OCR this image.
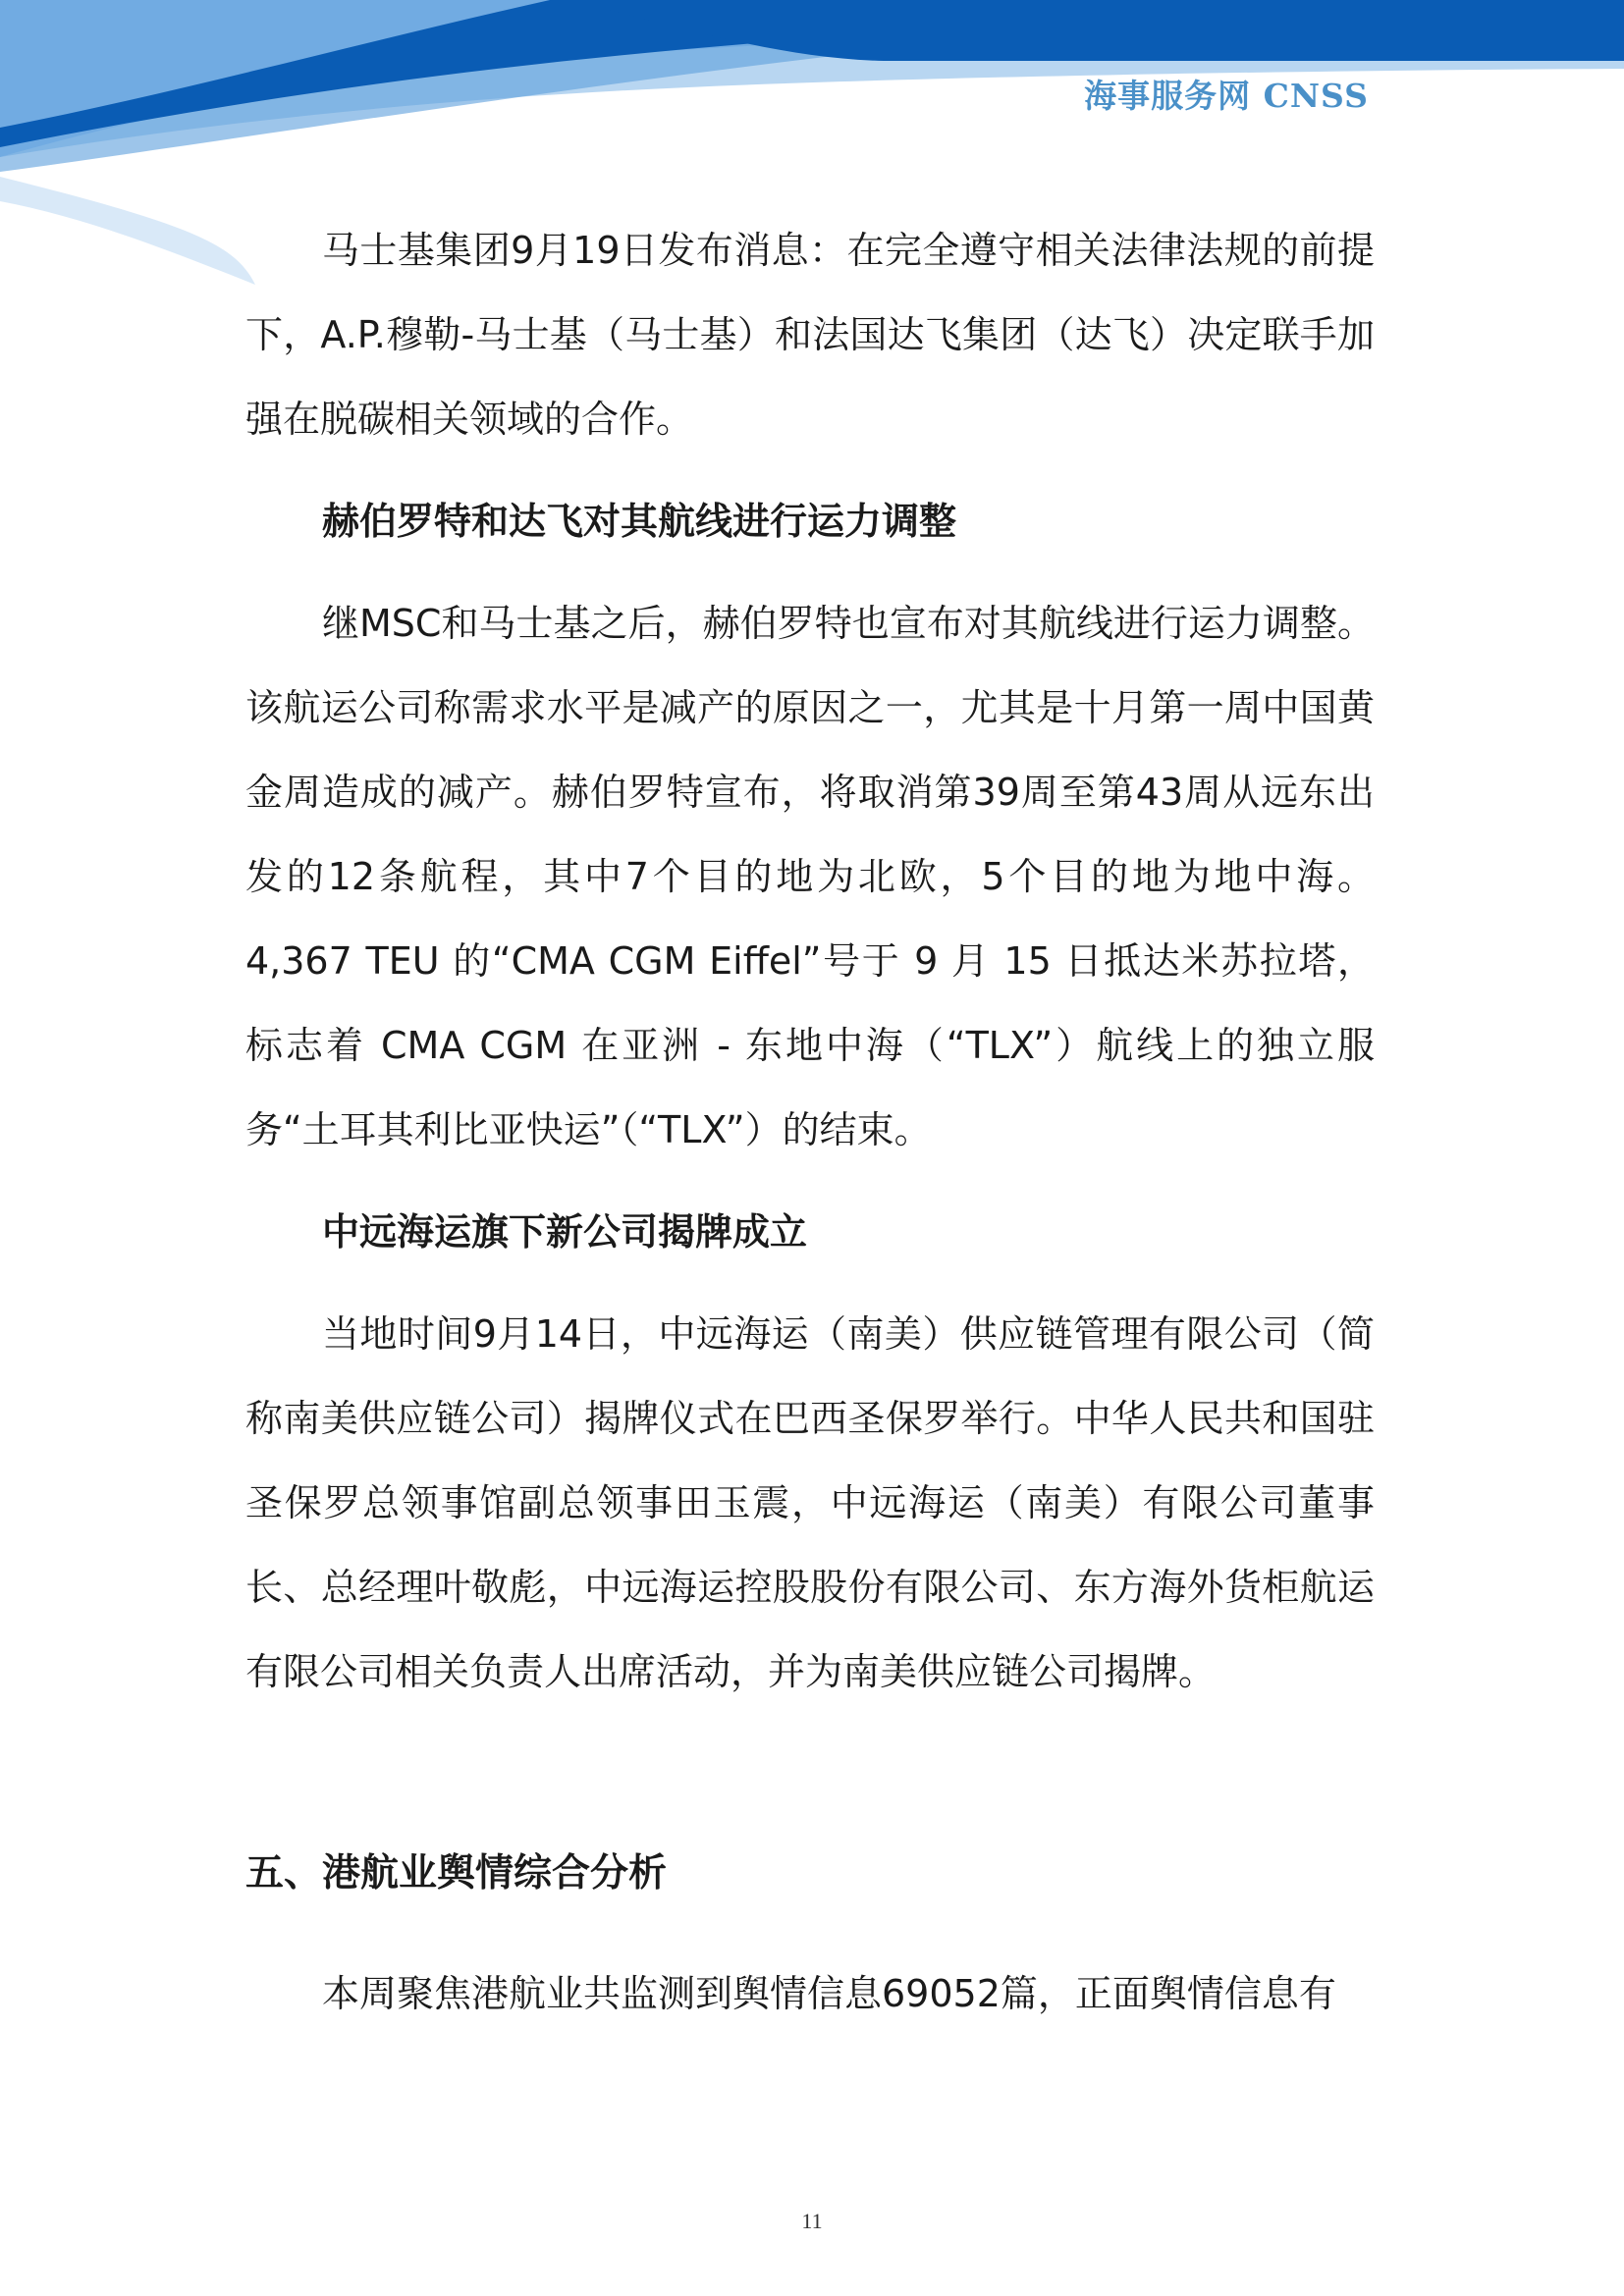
海事服务网 CNSS

马士基集团9月19日发布消息：在完全遵守相关法律法规的前提下，A.P.穆勒-马士基（马士基）和法国达飞集团（达飞）决定联手加强在脱碳相关领域的合作。

赫伯罗特和达飞对其航线进行运力调整

继MSC和马士基之后，赫伯罗特也宣布对其航线进行运力调整。该航运公司称需求水平是减产的原因之一，尤其是十月第一周中国黄金周造成的减产。赫伯罗特宣布，将取消第39周至第43周从远东出发的12条航程，其中7个目的地为北欧，5个目的地为地中海。4,367 TEU 的“CMA CGM Eiffel”号于 9 月 15 日抵达米苏拉塔，标志着 CMA CGM 在亚洲 - 东地中海（“TLX”）航线上的独立服务“土耳其利比亚快运”（“TLX”）的结束。

中远海运旗下新公司揭牌成立

当地时间9月14日，中远海运（南美）供应链管理有限公司（简称南美供应链公司）揭牌仪式在巴西圣保罗举行。中华人民共和国驻圣保罗总领事馆副总领事田玉震，中远海运（南美）有限公司董事长、总经理叶敬彪，中远海运控股股份有限公司、东方海外货柜航运有限公司相关负责人出席活动，并为南美供应链公司揭牌。

五、港航业舆情综合分析

本周聚焦港航业共监测到舆情信息69052篇，正面舆情信息有

11
